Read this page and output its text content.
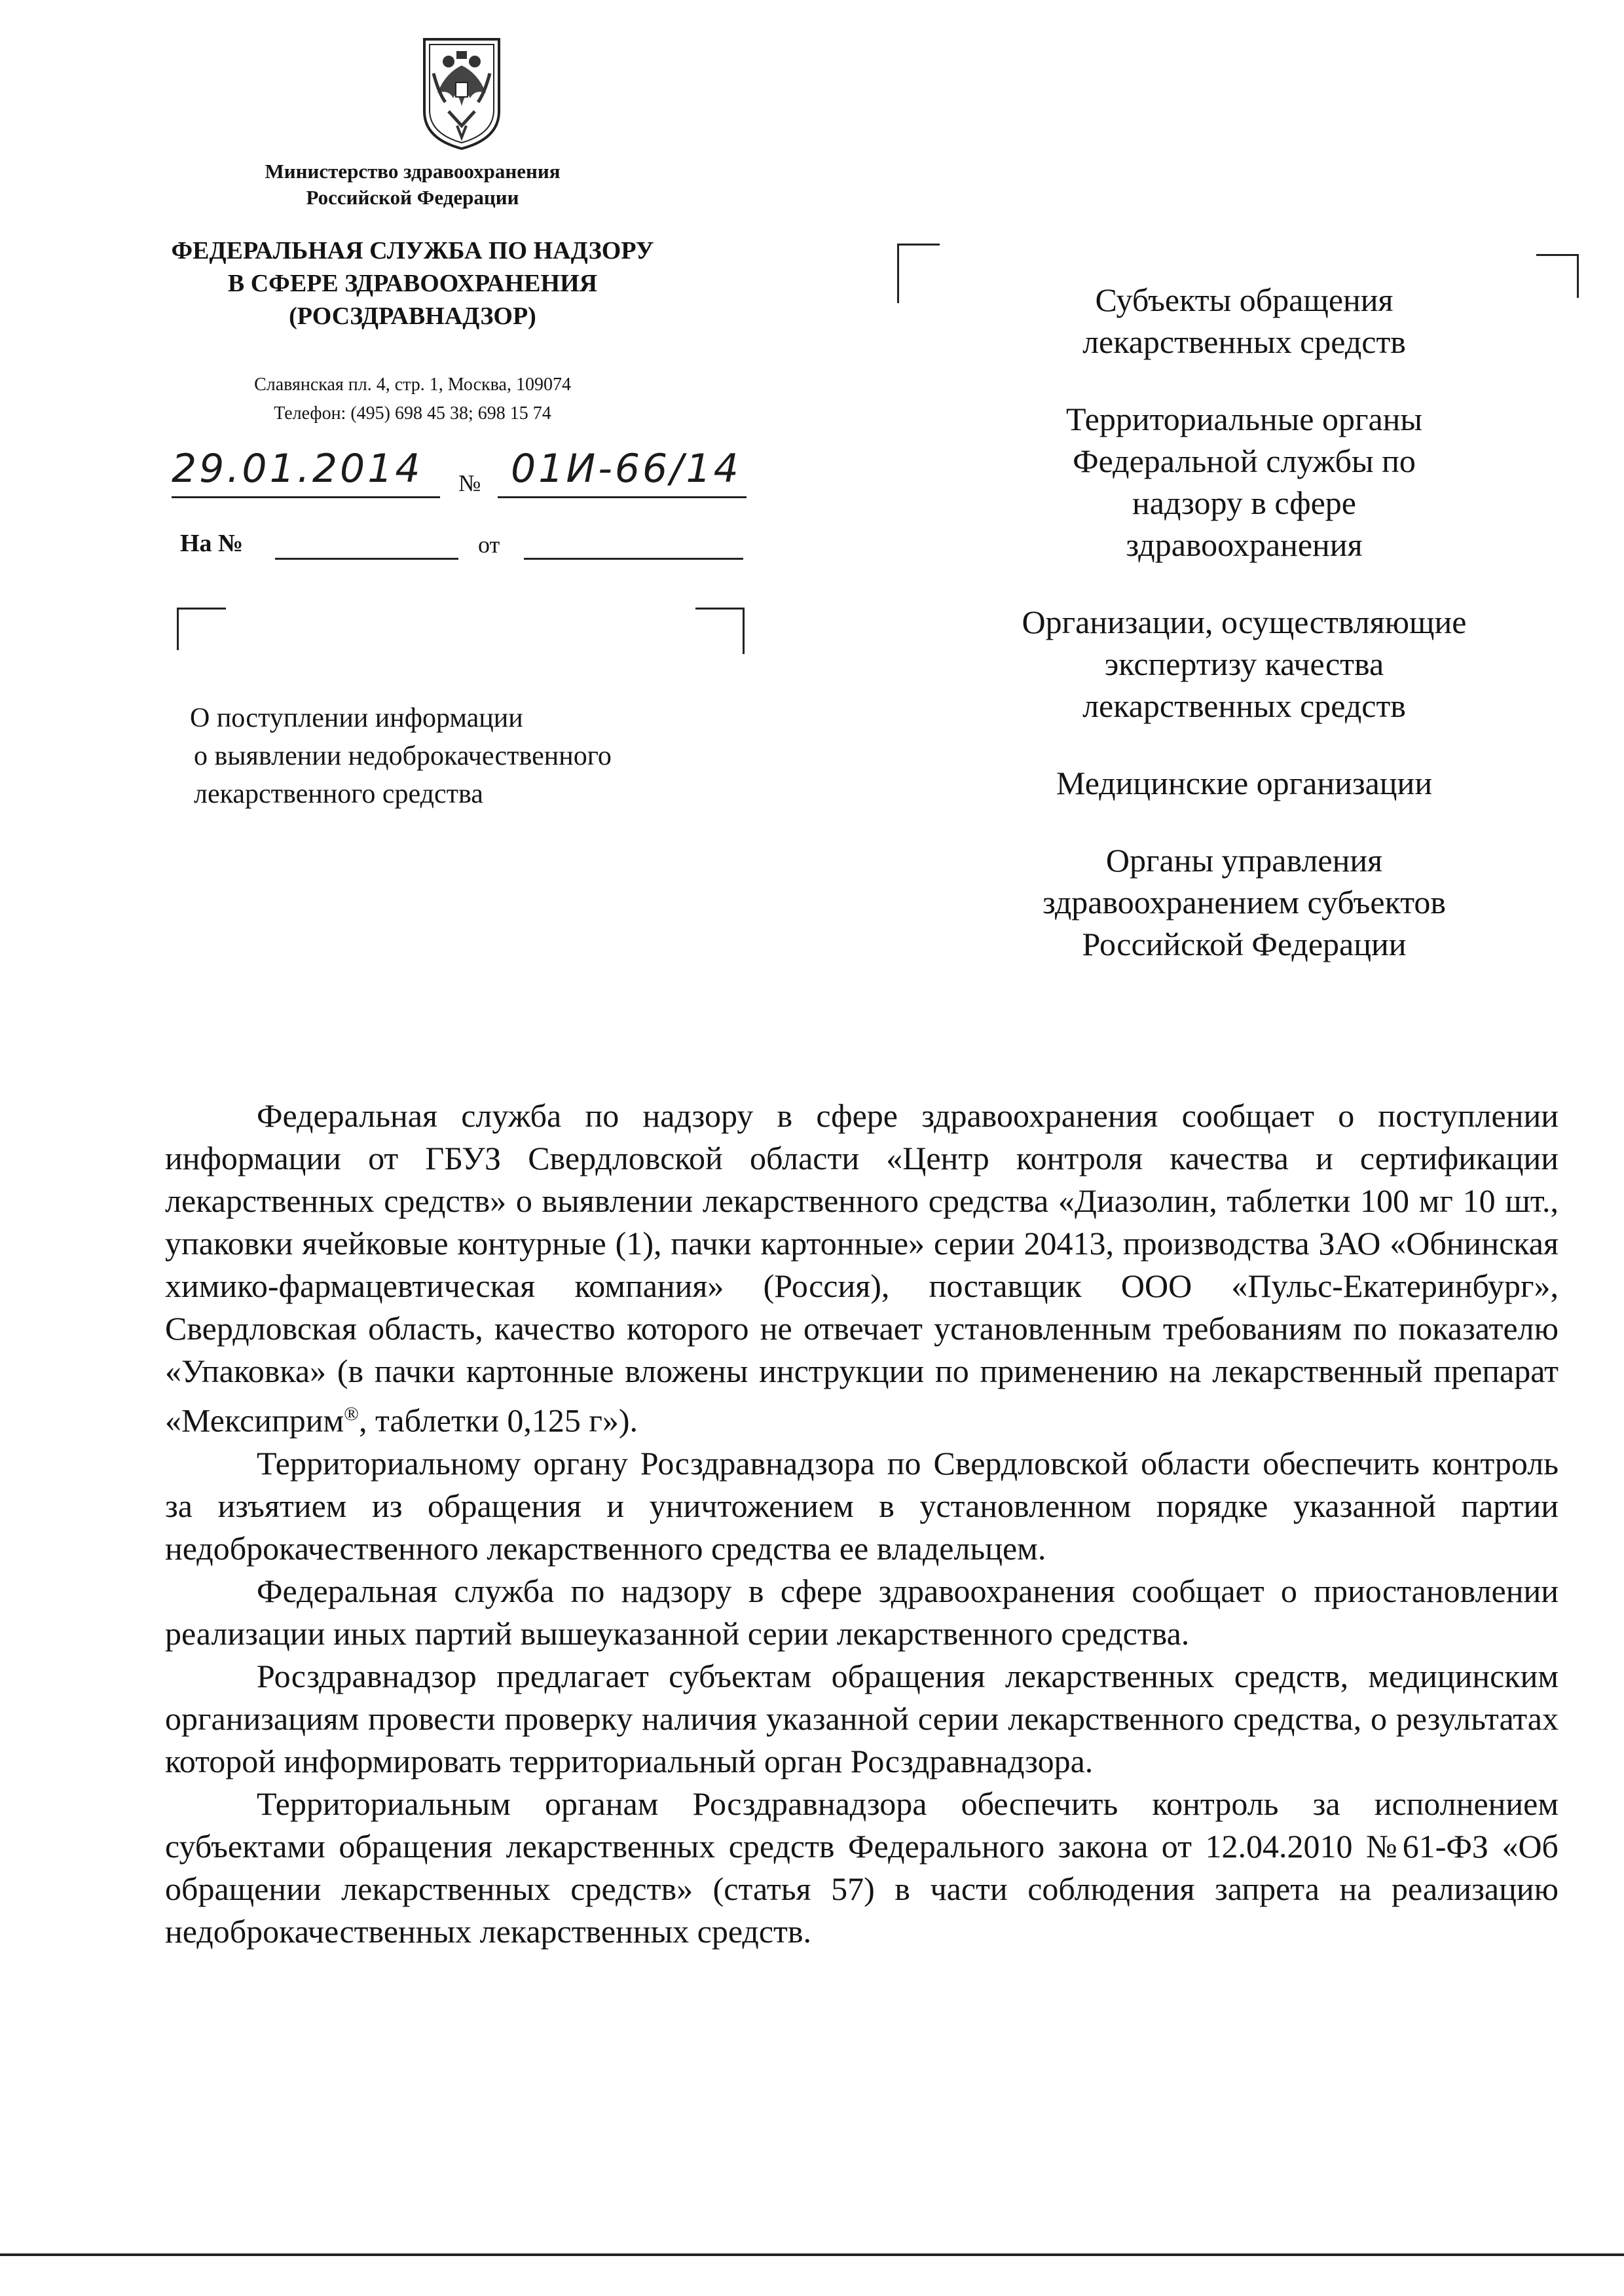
Министерство здравоохранения
Российской Федерации
ФЕДЕРАЛЬНАЯ СЛУЖБА ПО НАДЗОРУ
В СФЕРЕ ЗДРАВООХРАНЕНИЯ
(РОСЗДРАВНАДЗОР)
Славянская пл. 4, стр. 1, Москва, 109074
Телефон: (495) 698 45 38; 698 15 74
29.01.2014 № 01И-66/14
На №	от
О поступлении информации
о выявлении недоброкачественного
лекарственного средства
Субъекты обращения
лекарственных средств
Территориальные органы
Федеральной службы по
надзору в сфере
здравоохранения
Организации, осуществляющие
экспертизу качества
лекарственных средств
Медицинские организации
Органы управления
здравоохранением субъектов
Российской Федерации

Федеральная служба по надзору в сфере здравоохранения сообщает о поступлении информации от ГБУЗ Свердловской области «Центр контроля качества и сертификации лекарственных средств» о выявлении лекарственного средства «Диазолин, таблетки 100 мг 10 шт., упаковки ячейковые контурные (1), пачки картонные» серии 20413, производства ЗАО «Обнинская химико-фармацевтическая компания» (Россия), поставщик ООО «Пульс-Екатеринбург», Свердловская область, качество которого не отвечает установленным требованиям по показателю «Упаковка» (в пачки картонные вложены инструкции по применению на лекарственный препарат «Мексиприм®, таблетки 0,125 г»).

Территориальному органу Росздравнадзора по Свердловской области обеспечить контроль за изъятием из обращения и уничтожением в установленном порядке указанной партии недоброкачественного лекарственного средства ее владельцем.

Федеральная служба по надзору в сфере здравоохранения сообщает о приостановлении реализации иных партий вышеуказанной серии лекарственного средства.

Росздравнадзор предлагает субъектам обращения лекарственных средств, медицинским организациям провести проверку наличия указанной серии лекарственного средства, о результатах которой информировать территориальный орган Росздравнадзора.

Территориальным органам Росздравнадзора обеспечить контроль за исполнением субъектами обращения лекарственных средств Федерального закона от 12.04.2010 №61-ФЗ «Об обращении лекарственных средств» (статья 57) в части соблюдения запрета на реализацию недоброкачественных лекарственных средств.
